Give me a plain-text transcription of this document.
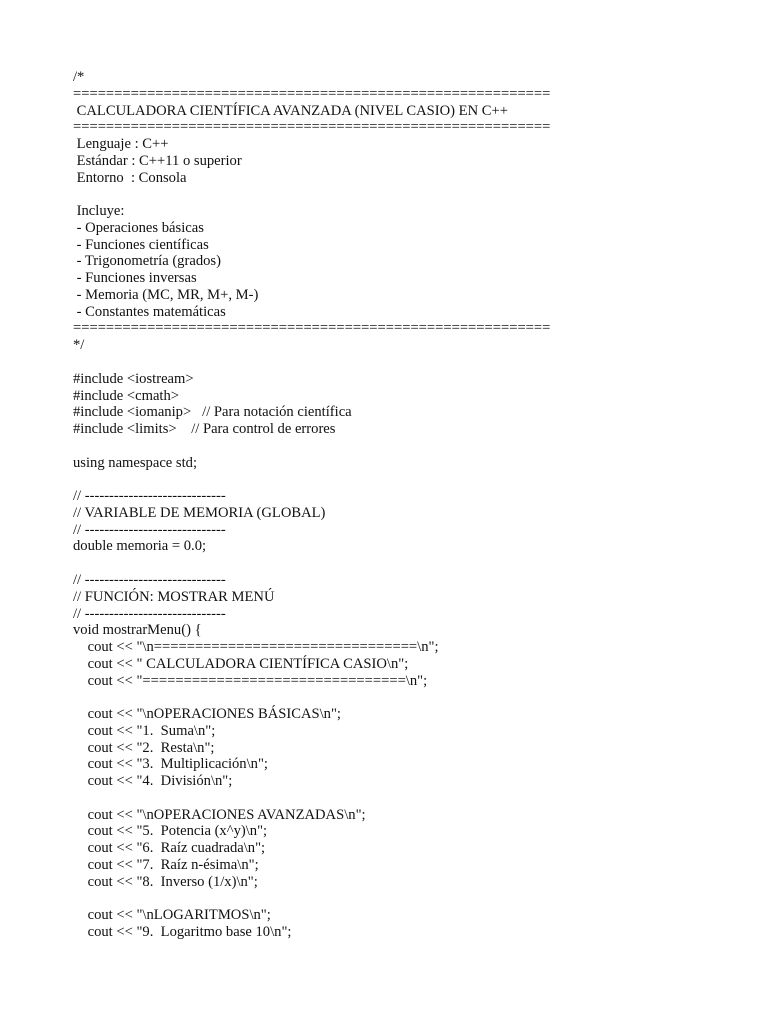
/*
==========================================================
CALCULADORA CIENTÍFICA AVANZADA (NIVEL CASIO) EN C++
==========================================================
Lenguaje : C++
Estándar : C++11 o superior
Entorno  : Consola
Incluye:
- Operaciones básicas
- Funciones científicas
- Trigonometría (grados)
- Funciones inversas
- Memoria (MC, MR, M+, M-)
- Constantes matemáticas
==========================================================
*/
#include <iostream>
#include <cmath>
#include <iomanip>   // Para notación científica
#include <limits>    // Para control de errores
using namespace std;
// -----------------------------
// VARIABLE DE MEMORIA (GLOBAL)
// -----------------------------
double memoria = 0.0;
// -----------------------------
// FUNCIÓN: MOSTRAR MENÚ
// -----------------------------
void mostrarMenu() {
cout << "\n================================\n";
cout << " CALCULADORA CIENTÍFICA CASIO\n";
cout << "================================\n";
cout << "\nOPERACIONES BÁSICAS\n";
cout << "1.  Suma\n";
cout << "2.  Resta\n";
cout << "3.  Multiplicación\n";
cout << "4.  División\n";
cout << "\nOPERACIONES AVANZADAS\n";
cout << "5.  Potencia (x^y)\n";
cout << "6.  Raíz cuadrada\n";
cout << "7.  Raíz n-ésima\n";
cout << "8.  Inverso (1/x)\n";
cout << "\nLOGARITMOS\n";
cout << "9.  Logaritmo base 10\n";
